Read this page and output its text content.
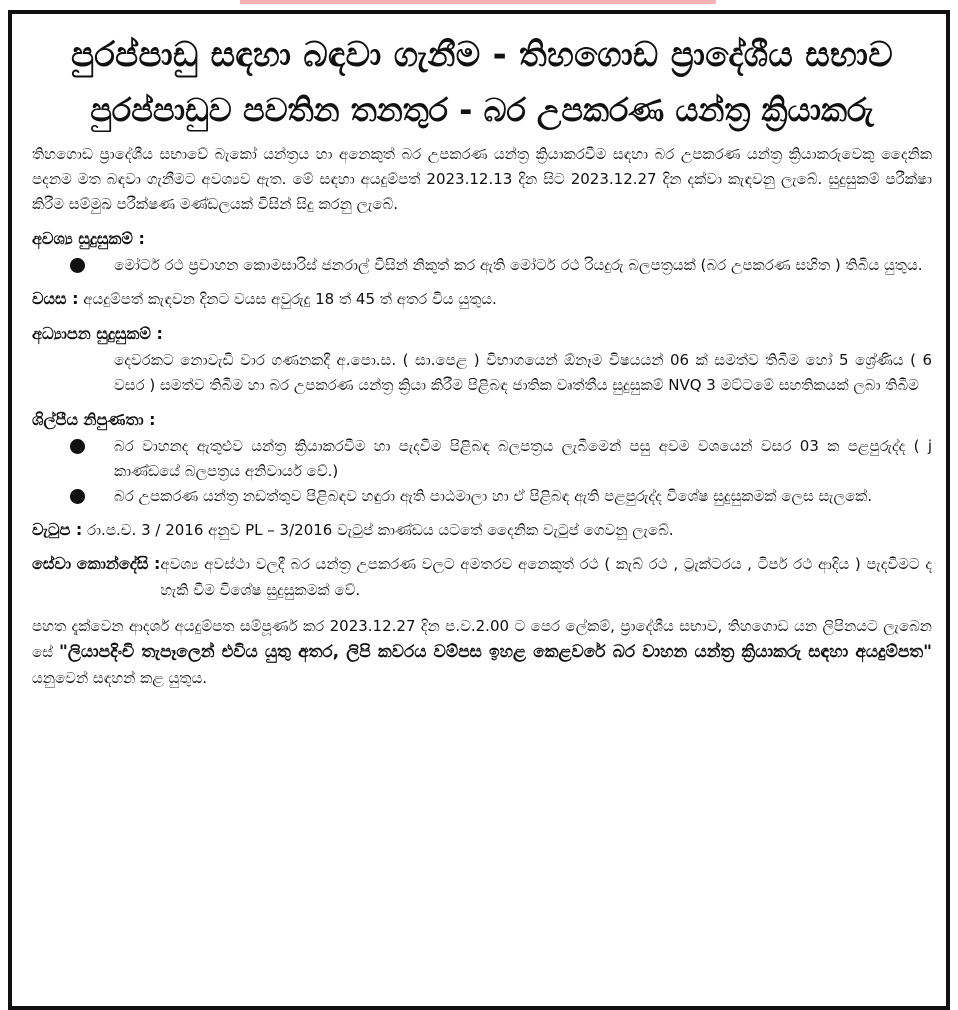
පුරප්පාඩු සඳහා බඳවා ගැනීම - තිහගොඩ ප්‍රාදේශීය සභාව
පුරප්පාඩුව පවතින තනතුර - බර උපකරණ යන්ත්‍ර ක්‍රියාකරු

තිහගොඩ ප්‍රාදේශීය සභාවේ බැකෝ යන්ත්‍රය හා අනෙකුත් බර උපකරණ යන්ත්‍ර ක්‍රියාකරවීම සඳහා බර උපකරණ යන්ත්‍ර ක්‍රියාකරුවෙකු දෛනික පදනම මත බඳවා ගැනීමට අවශ්‍යව ඇත. මේ සඳහා අයදුම්පත් 2023.12.13 දින සිට 2023.12.27 දින දක්වා කැඳවනු ලැබේ. සුදුසුකම් පරීක්ෂා කිරීම සම්මුඛ පරීක්ෂණ මණ්ඩලයක් විසින් සිදු කරනු ලැබේ.

අවශ්‍ය සුදුසුකම් :
මෝටර් රථ ප්‍රවාහන කොමසාරිස් ජනරාල් විසින් නිකුත් කර ඇති මෝටර් රථ රියදුරු බලපත්‍රයක් (බර උපකරණ සහිත ) තිබිය යුතුය.
වයස : අයදුම්පත් කැඳවන දිනට වයස අවුරුදු 18 ත් 45 ත් අතර විය යුතුය.
අධ්‍යාපන සුදුසුකම් :
දෙවරකට නොවැඩි වාර ගණනකදී අ.පො.ස. ( සා.පෙළ ) විභාගයෙන් ඕනෑම විෂයයන් 06 ක් සමත්ව තිබීම හෝ 5 ශ්‍රේණිය ( 6 වසර ) සමත්ව තිබීම හා බර උපකරණ යන්ත්‍ර ක්‍රියා කිරීම පිළිබඳ ජාතික වෘත්තීය සුදුසුකම් NVQ 3 මට්ටමේ සහතිකයක් ලබා තිබීම
ශිල්පීය නිපුණතා :
බර වාහනද ඇතුළුව යන්ත්‍ර ක්‍රියාකරවීම හා පැදවීම පිළිබඳ බලපත්‍රය ලැබීමෙන් පසු අවම වශයෙන් වසර 03 ක පළපුරුද්ද ( j කාණ්ඩයේ බලපත්‍රය අනිවාර්ය වේ.)
බර උපකරණ යන්ත්‍ර නඩත්තුව පිළිබඳව හඳුරා ඇති පාඨමාලා හා ඒ පිළිබඳ ඇති පළපුරුද්ද විශේෂ සුදුසුකමක් ලෙස සැලකේ.
වැටුප : රා.ප.ච. 3 / 2016 අනුව PL – 3/2016 වැටුප් කාණ්ඩය යටතේ දෛනික වැටුප් ගෙවනු ලැබේ.
සේවා කොන්දේසි : අවශ්‍ය අවස්ථා වලදී බර යන්ත්‍ර උපකරණ වලට අමතරව අනෙකුත් රථ ( කැබ් රථ , ට්‍රැක්ටරය , ටිපර් රථ ආදිය ) පැදවීමට ද හැකි වීම විශේෂ සුදුසුකමක් වේ.
පහත දැක්වෙන ආදර්ශ අයදුම්පත සම්පූර්ණ කර 2023.12.27 දින ප.ව.2.00 ට පෙර ලේකම්, ප්‍රාදේශීය සභාව, තිහගොඩ යන ලිපිනයට ලැබෙන සේ "ලියාපදිංචි තැපෑලෙන් එවිය යුතු අතර, ලිපි කවරය වම්පස ඉහළ කෙළවරේ බර වාහන යන්ත්‍ර ක්‍රියාකරු සඳහා අයදුම්පත" යනුවෙන් සඳහන් කළ යුතුය.
